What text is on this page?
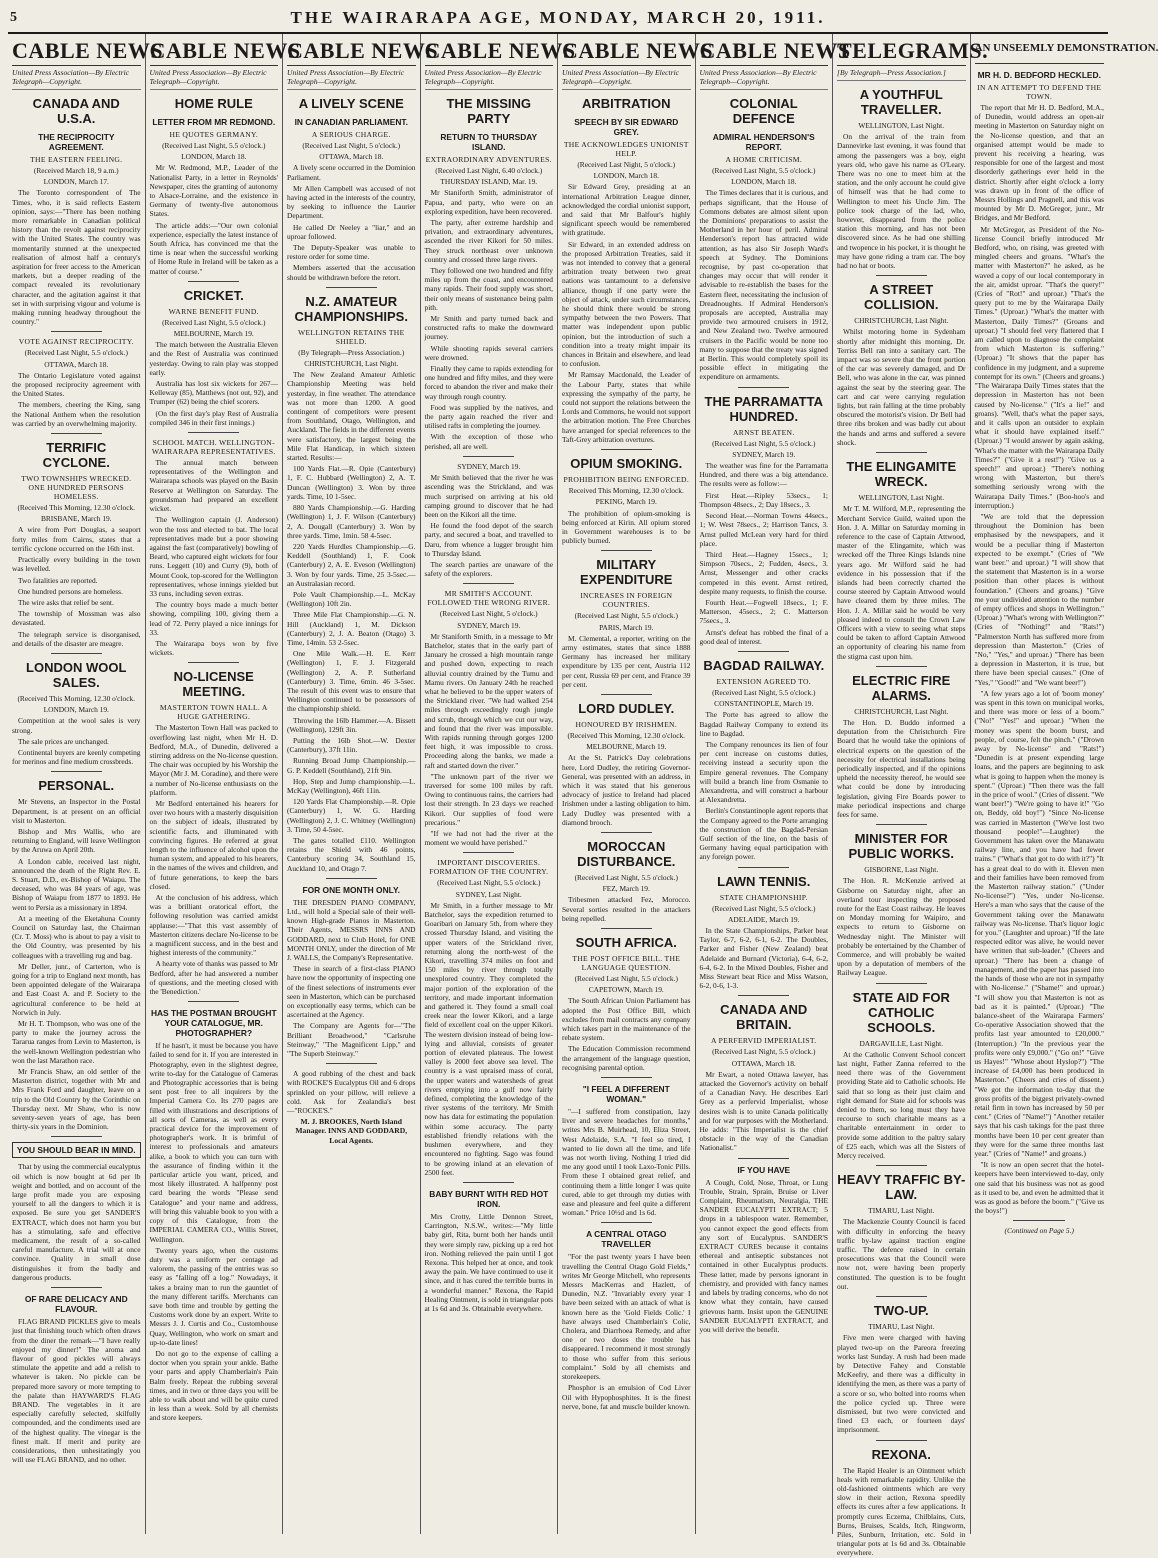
5	THE WAIRARAPA AGE, MONDAY, MARCH 20, 1911.
CABLE NEWS
United Press Association—By Electric Telegraph—Copyright.
CANADA AND U.S.A.
THE RECIPROCITY AGREEMENT.
THE EASTERN FEELING.

(Received March 18, 9 a.m.)

LONDON, March 17.

The Toronto correspondent of The Times, who, it is said reflects Eastern opinion, says:—"There has been nothing more remarkable in Canadian political history than the revolt against reciprocity with the United States. The country was momentarily stunned at the unexpected realisation of almost half a century's aspiration for freer access to the American markets, but a deeper reading of the compact revealed its revolutionary character, and the agitation against it that set in with surprising vigour and volume is making running headway throughout the country."

VOTE AGAINST RECIPROCITY.

(Received Last Night, 5.5 o'clock.)

OTTAWA, March 18.

The Ontario Legislature voted against the proposed reciprocity agreement with the United States.

The members, cheering the King, sang the National Anthem when the resolution was carried by an overwhelming majority.

TERRIFIC CYCLONE.
TWO TOWNSHIPS WRECKED. ONE HUNDRED PERSONS HOMELESS.

(Received This Morning, 12.30 o'clock.

BRISBANE, March 19.

A wire from Port Douglas, a seaport forty miles from Cairns, states that a terrific cyclone occurred on the 16th inst.

Practically every building in the town was levelled.

Two fatalities are reported.

One hundred persons are homeless.

The wire asks that relief be sent.

The township of Mossman was also devastated.

The telegraph service is disorganised, and details of the disaster are meagre.

LONDON WOOL SALES.

(Received This Morning, 12.30 o'clock.

LONDON, March 19.

Competition at the wool sales is very strong.

The sale prices are unchanged.

Continental buyers are keenly competing for merinos and fine medium crossbreds.

PERSONAL.

Mr Stevens, an Inspector in the Postal Department, is at present on an official visit to Masterton.

Bishop and Mrs Wallis, who are returning to England, will leave Wellington by the Aruwa on April 20th.

A London cable, received last night, announced the death of the Right Rev. E. S. Stuart, D.D., ex-Bishop of Waiapu. The deceased, who was 84 years of age, was Bishop of Waiapu from 1877 to 1893. He went to Persia as a missionary in 1894.

At a meeting of the Eketahuna County Council on Saturday last, the Chairman (Cr. T. Moss) who is about to pay a visit to the Old Country, was presented by his colleagues with a travelling rug and bag.

Mr Deller, junr., of Carterton, who is going for a trip to England next month, has been appointed delegate of the Wairarapa and East Coast A. and P. Society to the agricultural conference to be held at Norwich in July.

Mr H. T. Thompson, who was one of the party to make the journey across the Tararua ranges from Levin to Masterton, is the well-known Wellington pedestrian who won the last Marathon race.

Mr Francis Shaw, an old settler of the Masterton district, together with Mr and Mrs Frank Ford and daughter, leave on a trip to the Old Country by the Corinthic on Thursday next. Mr Shaw, who is now seventy-seven years of age, has been thirty-six years in the Dominion.

YOU SHOULD BEAR IN MIND.

That by using the commercial eucalyptus oil which is now bought at 6d per lb weight and bottled, and on account of the large profit made you are exposing yourself to all the dangers to which it is exposed. Be sure you get SANDER'S EXTRACT, which does not harm you but has a stimulating, safe and effective medicament, the result of a so-called careful manufacture. A trial will at once convince. Quality in small dose distinguishes it from the badly and dangerous products.

OF RARE DELICACY AND FLAVOUR.

FLAG BRAND PICKLES give to meals just that finishing touch which often draws from the diner the remark—"I have really enjoyed my dinner!" The aroma and flavour of good pickles will always stimulate the appetite and add a relish to whatever is taken. No pickle can be prepared more savory or more tempting to the palate than HAYWARD'S FLAG BRAND. The vegetables in it are especially carefully selected, skilfully compounded, and the condiments used are of the highest quality. The vinegar is the finest malt. If merit and purity are considerations, then unhesitatingly you will use FLAG BRAND, and no other.

CABLE NEWS
United Press Association—By Electric Telegraph—Copyright.
HOME RULE
LETTER FROM MR REDMOND.
HE QUOTES GERMANY.

(Received Last Night, 5.5 o'clock.)

LONDON, March 18.

Mr W. Redmond, M.P., Leader of the Nationalist Party, in a letter in Reynolds' Newspaper, cites the granting of autonomy to Alsace-Lorraine, and the existence in Germany of twenty-five autonomous States.

The article adds:—"Our own colonial experience, especially the latest instance of South Africa, has convinced me that the time is near when the successful working of Home Rule in Ireland will be taken as a matter of course."

CRICKET.
WARNE BENEFIT FUND.

(Received Last Night, 5.5 o'clock.)

MELBOURNE, March 19.

The match between the Australia Eleven and the Rest of Australia was continued yesterday. Owing to rain play was stopped early.

Australia has lost six wickets for 267—Kelleway (85), Matthews (not out, 92), and Trumper (62) being the chief scorers.

(On the first day's play Rest of Australia compiled 346 in their first innings.)

SCHOOL MATCH. WELLINGTON-WAIRARAPA REPRESENTATIVES.

The annual match between representatives of the Wellington and Wairarapa schools was played on the Basin Reserve at Wellington on Saturday. The groundsman had prepared an excellent wicket.

The Wellington captain (J. Anderson) won the toss and elected to bat. The local representatives made but a poor showing against the fast (comparatively) bowling of Beard, who captured eight wickets for four runs. Leggett (10) and Curry (9), both of Mount Cook, top-scored for the Wellington representatives, whose innings yielded but 33 runs, including seven extras.

The country boys made a much better showing, compiling 100, giving them a lead of 72. Perry played a nice innings for 33.

The Wairarapa boys won by five wickets.

NO-LICENSE MEETING.
MASTERTON TOWN HALL. A HUGE GATHERING.

The Masterton Town Hall was packed to overflowing last night, when Mr H. D. Bedford, M.A., of Dunedin, delivered a stirring address on the No-license question. The chair was occupied by his Worship the Mayor (Mr J. M. Coradine), and there were a number of No-license enthusiasts on the platform.

Mr Bedford entertained his hearers for over two hours with a masterly disquisition on the subject of ideals, illustrated by scientific facts, and illuminated with convincing figures. He referred at great length to the influence of alcohol upon the human system, and appealed to his hearers, in the names of the wives and children, and of future generations, to keep the bars closed.

At the conclusion of his address, which was a brilliant oratorical effort, the following resolution was carried amidst applause:—"That this vast assembly of Masterton citizens declare No-license to be a magnificent success, and in the best and highest interests of the community."

A hearty vote of thanks was passed to Mr Bedford, after he had answered a number of questions, and the meeting closed with the 'Benediction.'

HAS THE POSTMAN BROUGHT YOUR CATALOGUE, MR. PHOTOGRAPHER?

If he hasn't, it must be because you have failed to send for it. If you are interested in Photography, even in the slightest degree, write to-day for the Catalogue of Cameras and Photographic accessories that is being sent post free to all inquirers by the Imperial Camera Co. Its 270 pages are filled with illustrations and descriptions of all sorts of Cameras, as well as every practical device for the improvement of photographer's work. It is brimful of interest to professionals and amateurs alike, a book to which you can turn with the assurance of finding within it the particular article you want, priced, and most likely illustrated. A halfpenny post card bearing the words "Please send Catalogue" and your name and address, will bring this valuable book to you with a copy of this Catalogue, from the IMPERIAL CAMERA CO., Willis Street, Wellington.

Twenty years ago, when the customs duty was a uniform per centage ad valorem, the passing of the entries was so easy as "falling off a log." Nowadays, it takes a brainy man to run the gauntlet of the many different tariffs. Merchants can save both time and trouble by getting the Customs work done by an expert. Write to Messrs J. J. Curtis and Co., Customhouse Quay, Wellington, who work on smart and up-to-date lines!

Do not go to the expense of calling a doctor when you sprain your ankle. Bathe your parts and apply Chamberlain's Pain Balm freely. Repeat the rubbing several times, and in two or three days you will be able to walk about and will be quite cured in less than a week. Sold by all chemists and store keepers.

CABLE NEWS
United Press Association—By Electric Telegraph—Copyright.
A LIVELY SCENE
IN CANADIAN PARLIAMENT.
A SERIOUS CHARGE.

(Received Last Night, 5 o'clock.)

OTTAWA, March 18.

A lively scene occurred in the Dominion Parliament.

Mr Allen Campbell was accused of not having acted in the interests of the country, by seeking to influence the Laurier Department.

He called Dr Neeley a "liar," and an uproar followed.

The Deputy-Speaker was unable to restore order for some time.

Members asserted that the accusation should be withdrawn before the retort.

N.Z. AMATEUR CHAMPIONSHIPS.
WELLINGTON RETAINS THE SHIELD.

(By Telegraph—Press Association.)

CHRISTCHURCH, Last Night.

The New Zealand Amateur Athletic Championship Meeting was held yesterday, in fine weather. The attendance was not more than 1200. A good contingent of competitors were present from Southland, Otago, Wellington, and Auckland. The fields in the different events were satisfactory, the largest being the Mile Flat Handicap, in which sixteen started. Results:—

100 Yards Flat.—R. Opie (Canterbury) 1, F. C. Hubbard (Wellington) 2, A. T. Duncan (Wellington) 3. Won by three yards. Time, 10 1-5sec.

880 Yards Championship.—G. Harding (Wellington) 1, J. F. Wilson (Canterbury) 2, A. Dougall (Canterbury) 3. Won by three yards. Time, 1min. 58 4-5sec.

220 Yards Hurdles Championship.—G. Keddell (Southland) 1, F. Cook (Canterbury) 2, A. E. Eveson (Wellington) 3. Won by four yards. Time, 25 3-5sec.—an Australasian record.

Pole Vault Championship.—L. McKay (Wellington) 10ft 2in.

Three Mile Flat Championship.—G. N. Hill (Auckland) 1, M. Dickson (Canterbury) 2, J. A. Beaton (Otago) 3. Time, 14min. 53 2-5sec.

One Mile Walk.—H. E. Kerr (Wellington) 1, F. J. Fitzgerald (Wellington) 2, A. P. Sutherland (Canterbury) 3. Time, 6min. 46 3-5sec. The result of this event was to ensure that Wellington continued to be possessors of the championship shield.

Throwing the 16lb Hammer.—A. Bissett (Wellington), 129ft 3in.

Putting the 16lb Shot.—W. Dexter (Canterbury), 37ft 11in.

Running Broad Jump Championship.—G. P. Keddell (Southland), 21ft 9in.

Hop, Step and Jump championship.—L. McKay (Wellington), 46ft 11in.

120 Yards Flat Championship.—R. Opie (Canterbury) 1, W. G. Harding (Wellington) 2, J. C. Whitney (Wellington) 3. Time, 50 4-5sec.

The gates totalled £110. Wellington retains the Shield with 46 points, Canterbury scoring 34, Southland 15, Auckland 10, and Otago 7.

FOR ONE MONTH ONLY.

THE DRESDEN PIANO COMPANY, Ltd., will hold a Special sale of their well-known High-grade Pianos in Masterton. Their Agents, MESSRS INNS AND GODDARD, next to Club Hotel, for ONE MONTH ONLY, under the direction of Mr J. WALLS, the Company's Representative.

These in search of a first-class PIANO have now the opportunity of inspecting one of the finest selections of instruments ever seen in Masterton, which can be purchased on exceptionally easy terms, which can be ascertained at the Agency.

The Company are Agents for—"The Brilliant Broadwood," "Carlsruhe Steinway," "The Magnificent Lipp," and "The Superb Steinway."

A good rubbing of the chest and back with ROCKE'S Eucalyptus Oil and 6 drops sprinkled on your pillow, will relieve a cold. Ask for Zealandia's best—"ROCKE'S."

M. J. BROOKES, North Island Manager. INNS AND GODDARD, Local Agents.

CABLE NEWS
United Press Association—By Electric Telegraph—Copyright.
THE MISSING PARTY
RETURN TO THURSDAY ISLAND.
EXTRAORDINARY ADVENTURES.

(Received Last Night, 6.40 o'clock.)

THURSDAY ISLAND, Mar. 19.

Mr Staniforth Smith, administrator of Papua, and party, who were on an exploring expedition, have been recovered.

The party, after extreme hardship and privation, and extraordinary adventures, ascended the river Kikori for 50 miles. They struck northeast over unknown country and crossed three large rivers.

They followed one two hundred and fifty miles up from the coast, and encountered many rapids. Their food supply was short, their only means of sustenance being palm pith.

Mr Smith and party turned back and constructed rafts to make the downward journey.

While shooting rapids several carriers were drowned.

Finally they came to rapids extending for one hundred and fifty miles, and they were forced to abandon the river and make their way through rough country.

Food was supplied by the natives, and the party again reached the river and utilised rafts in completing the journey.

With the exception of those who perished, all are well.

SYDNEY, March 19.

Mr Smith believed that the river he was ascending was the Strickland, and was much surprised on arriving at his old camping ground to discover that he had been on the Kikori all the time.

He found the food depot of the search party, and secured a boat, and travelled to Daru, from whence a lugger brought him to Thursday Island.

The search parties are unaware of the safety of the explorers.

MR SMITH'S ACCOUNT. FOLLOWED THE WRONG RIVER.

(Received Last Night, 5 o'clock.)

SYDNEY, March 19.

Mr Staniforth Smith, in a message to Mr Batchelor, states that in the early part of January he crossed a high mountain range and pushed down, expecting to reach alluvial country drained by the Tumu and Mamu rivers. On January 24th he reached what he believed to be the upper waters of the Strickland river. "We had walked 254 miles through exceedingly rough jungle and scrub, through which we cut our way, and found that the river was impossible. With rapids running through gorges 1200 feet high, it was impossible to cross. Proceeding along the banks, we made a raft and started down the river."

"The unknown part of the river we traversed for some 100 miles by raft. Owing to continuous rains, the carriers had lost their strength. In 23 days we reached Kikori. Our supplies of food were precarious."

"If we had not had the river at the moment we would have perished."

IMPORTANT DISCOVERIES. FORMATION OF THE COUNTRY.

(Received Last Night, 5.5 o'clock.)

SYDNEY, Last Night.

Mr Smith, in a further message to Mr Batchelor, says the expedition returned to Goaribari on January 5th, from where they crossed Thursday Island, and visiting the upper waters of the Strickland river, returning along the north-west of the Kikori, travelling 374 miles on foot and 150 miles by river through totally unexplored country. They completed the major portion of the exploration of the territory, and made important information and gathered it. They found a small coal creek near the lower Kikori, and a large field of excellent coal on the upper Kikori. The western division instead of being low-lying and alluvial, consists of greater portion of elevated plateaus. The lowest valley is 2000 feet above sea level. The country is a vast upraised mass of coral, the upper waters and watersheds of great rivers emptying into a gulf now fairly defined, completing the knowledge of the river systems of the territory. Mr Smith now has data for estimating the population within some accuracy. The party established friendly relations with the bushmen everywhere, and they encountered no fighting. Sago was found to be growing inland at an elevation of 2500 feet.

BABY BURNT WITH RED HOT IRON.

Mrs Crotty, Little Dennon Street, Carrington, N.S.W., writes:—"My little baby girl, Rita, burnt both her hands until they were simply raw, picking up a red hot iron. Nothing relieved the pain until I got Rexona. This helped her at once, and took away the pain. We have continued to use it since, and it has cured the terrible burns in a wonderful manner." Rexona, the Rapid Healing Ointment, is sold in triangular pots at 1s 6d and 3s. Obtainable everywhere.

CABLE NEWS
United Press Association—By Electric Telegraph—Copyright.
ARBITRATION
SPEECH BY SIR EDWARD GREY.
THE ACKNOWLEDGES UNIONIST HELP.

(Received Last Night, 5 o'clock.)

LONDON, March 18.

Sir Edward Grey, presiding at an international Arbitration League dinner, acknowledged the cordial unionist support, and said that Mr Balfour's highly significant speech would be remembered with gratitude.

Sir Edward, in an extended address on the proposed Arbitration Treaties, said it was not intended to convey that a general arbitration treaty between two great nations was tantamount to a defensive alliance, though if one party were the object of attack, under such circumstances, he should think there would be strong sympathy between the two Powers. That matter was independent upon public opinion, but the introduction of such a condition into a treaty might impair its chances in Britain and elsewhere, and lead to confusion.

Mr Ramsay Macdonald, the Leader of the Labour Party, states that while expressing the sympathy of the party, he could not support the relations between the Lords and Commons, he would not support the arbitration motion. The Free Churches have arranged for special references to the Taft-Grey arbitration overtures.

OPIUM SMOKING.
PROHIBITION BEING ENFORCED.

Received This Morning, 12.30 o'clock.

PEKING, March 19.

The prohibition of opium-smoking is being enforced at Kirin. All opium stored in Government warehouses is to be publicly burned.

MILITARY EXPENDITURE
INCREASES IN FOREIGN COUNTRIES.

(Received Last Night, 5.5 o'clock.)

PARIS, March 19.

M. Clemental, a reporter, writing on the army estimates, states that since 1888 Germany has increased her military expenditure by 135 per cent, Austria 112 per cent, Russia 69 per cent, and France 39 per cent.

LORD DUDLEY.
HONOURED BY IRISHMEN.

(Received This Morning, 12.30 o'clock.

MELBOURNE, March 19.

At the St. Patrick's Day celebrations here, Lord Dudley, the retiring Governor-General, was presented with an address, in which it was stated that his generous advocacy of justice to Ireland had placed Irishmen under a lasting obligation to him. Lady Dudley was presented with a diamond brooch.

MOROCCAN DISTURBANCE.

(Received Last Night, 5.5 o'clock.)

FEZ, March 19.

Tribesmen attacked Fez, Morocco. Several sorties resulted in the attackers being repelled.

SOUTH AFRICA.
THE POST OFFICE BILL. THE LANGUAGE QUESTION.

(Received Last Night, 5.5 o'clock.)

CAPETOWN, March 19.

The South African Union Parliament has adopted the Post Office Bill, which excludes from mail contracts any company which takes part in the maintenance of the rebate system.

The Education Commission recommend the arrangement of the language question, recognising parental option.

"I FEEL A DIFFERENT WOMAN."

"—I suffered from constipation, lazy liver and severe headaches for months," writes Mrs B. Muirhead, 10, Eliza Street, West Adelaide, S.A. "I feel so tired, I wanted to lie down all the time, and life was not worth living. Nothing I tried did me any good until I took Laxo-Tonic Pills. From these I obtained great relief, and continuing them a little longer I was quite cured, able to get through my duties with ease and pleasure and feel quite a different woman." Price 10½d and 1s 6d.

A CENTRAL OTAGO TRAVELLER

"For the past twenty years I have been travelling the Central Otago Gold Fields," writes Mr George Mitchell, who represents Messrs MacKerras and Hazlett, of Dunedin, N.Z. "Invariably every year I have been seized with an attack of what is known here as the 'Gold Fields Colic.' I have always used Chamberlain's Colic, Cholera, and Diarrhoea Remedy, and after one or two doses the trouble has disappeared. I recommend it most strongly to those who suffer from this serious complaint." Sold by all chemists and storekeepers.

Phosphor is an emulsion of Cod Liver Oil with Hypophosphites. It is the finest nerve, bone, fat and muscle builder known.

CABLE NEWS
United Press Association—By Electric Telegraph—Copyright.
COLONIAL DEFENCE
ADMIRAL HENDERSON'S REPORT.
A HOME CRITICISM.

(Received Last Night, 5.5 o'clock.)

LONDON, March 18.

The Times declares that it is curious, and perhaps significant, that the House of Commons debates are almost silent upon the Dominions' preparations to assist the Motherland in her hour of peril. Admiral Henderson's report has attracted wide attention, as has also Sir Joseph Ward's speech at Sydney. The Dominions recognise, by past co-operation that changes may occur that will render it advisable to re-establish the bases for the Eastern fleet, necessitating the inclusion of Dreadnoughts. If Admiral Henderson's proposals are accepted, Australia may provide two armoured cruisers in 1912, and New Zealand two. Twelve armoured cruisers in the Pacific would be none too many to suppose that the treaty was signed at Berlin. This would completely spoil its possible effect in mitigating the expenditure on armaments.

THE PARRAMATTA HUNDRED.
ARNST BEATEN.

(Received Last Night, 5.5 o'clock.)

SYDNEY, March 19.

The weather was fine for the Parramatta Hundred, and there was a big attendance. The results were as follow:—

First Heat.—Ripley 53secs., 1; Thompson 48secs., 2; Day 18secs., 3.

Second Heat.—Norman Towns 44secs., 1; W. West 78secs., 2; Harrison Tancs, 3. Arnst pulled McLean very hard for third place.

Third Heat.—Hagney 15secs., 1; Simpson 70secs., 2; Fudden, 4secs., 3. Arnst, Messenger and other cracks competed in this event. Arnst retired, despite many requests, to finish the course.

Fourth Heat.—Fogwell 18secs., 1; F. Matterson, 45secs., 2; C. Matterson 75secs., 3.

Arnst's defeat has robbed the final of a good deal of interest.

BAGDAD RAILWAY.
EXTENSION AGREED TO.

(Received Last Night, 5.5 o'clock.)

CONSTANTINOPLE, March 19.

The Porte has agreed to allow the Bagdad Railway Company to extend its line to Bagdad.

The Company renounces its lien of four per cent increase on customs duties, receiving instead a security upon the Empire general revenues. The Company will build a branch line from Osmanie to Alexandretta, and will construct a harbour at Alexandretta.

Berlin's Constantinople agent reports that the Company agreed to the Porte arranging the construction of the Bagdad-Persian Gulf section of the line, on the basis of Germany having equal participation with any foreign power.

LAWN TENNIS.
STATE CHAMPIONSHIP.

(Received Last Night, 5.5 o'clock.)

ADELAIDE, March 19.

In the State Championships, Parker beat Taylor, 6-7, 6-2, 6-1, 6-2. The Doubles, Parker and Fisher (New Zealand) beat Adelaide and Burnard (Victoria), 6-4, 6-2, 6-4, 6-2. In the Mixed Doubles, Fisher and Miss Stewart beat Rice and Miss Watson, 6-2, 0-6, 1-3.

CANADA AND BRITAIN.
A PERFERVID IMPERIALIST.

(Received Last Night, 5.5 o'clock.)

OTTAWA, March 18.

Mr Ewart, a noted Ottawa lawyer, has attacked the Governor's activity on behalf of a Canadian Navy. He describes Earl Grey as a perfervid Imperialist, whose desires wish is to unite Canada politically and for war purposes with the Motherland. He adds: "This Imperialist is the chief obstacle in the way of the Canadian Nationalist."

IF YOU HAVE

A Cough, Cold, Nose, Throat, or Lung Trouble, Strain, Sprain, Bruise or Liver Complaint, Rheumatism, Neuralgia, THE SANDER EUCALYPTI EXTRACT; 5 drops in a tablespoon water. Remember, you cannot expect the good effects from any sort of Eucalyptus. SANDER'S EXTRACT CURES because it contains ethereal and antiseptic substances not contained in other Eucalyptus products. These latter, made by persons ignorant in chemistry, and provided with fancy names and labels by trading concerns, who do not know what they contain, have caused grievous harm. Insist upon the GENUINE SANDER EUCALYPTI EXTRACT, and you will derive the benefit.

TELEGRAMS.
[By Telegraph—Press Association.]
A YOUTHFUL TRAVELLER.

WELLINGTON, Last Night.

On the arrival of the train from Dannevirke last evening, it was found that among the passengers was a boy, eight years old, who gave his name as O'Leary. There was no one to meet him at the station, and the only account he could give of himself was that he had come to Wellington to meet his Uncle Jim. The police took charge of the lad, who, however, disappeared from the police station this morning, and has not been discovered since. As he had one shilling and twopence in his pocket, it is thought he may have gone riding a tram car. The boy had no hat or boots.

A STREET COLLISION.

CHRISTCHURCH, Last Night.

Whilst motoring home in Sydenham shortly after midnight this morning, Dr. Terriss Bell ran into a sanitary cart. The impact was so severe that the front portion of the car was severely damaged, and Dr Bell, who was alone in the car, was pinned against the seat by the steering gear. The cart and car were carrying regulation lights, but rain falling at the time probably obscured the motorist's vision. Dr Bell had three ribs broken and was badly cut about the hands and arms and suffered a severe shock.

THE ELINGAMITE WRECK.

WELLINGTON, Last Night.

Mr T. M. Wilford, M.P., representing the Merchant Service Guild, waited upon the Hon. J. A. Millar on Saturday morning in reference to the case of Captain Attwood, master of the Elingamite, which was wrecked off the Three Kings Islands nine years ago. Mr Wilford said he had evidence in his possession that if the islands had been correctly charted the course steered by Captain Attwood would have cleared them by three miles. The Hon. J. A. Millar said he would be very pleased indeed to consult the Crown Law Officers with a view to seeing what steps could be taken to afford Captain Attwood an opportunity of clearing his name from the stigma cast upon him.

ELECTRIC FIRE ALARMS.

CHRISTCHURCH, Last Night.

The Hon. D. Buddo informed a deputation from the Christchurch Fire Board that he would take the opinions of electrical experts on the question of the necessity for electrical installations being periodically inspected, and if the opinions upheld the necessity thereof, he would see what could be done by introducing legislation, giving Fire Boards power to make periodical inspections and charge fees for same.

MINISTER FOR PUBLIC WORKS.

GISBORNE, Last Night.

The Hon. R. McKenzie arrived at Gisborne on Saturday night, after an overland tour inspecting the proposed route for the East Coast railway. He leaves on Monday morning for Waipiro, and expects to return to Gisborne on Wednesday night. The Minister will probably be entertained by the Chamber of Commerce, and will probably be waited upon by a deputation of members of the Railway League.

STATE AID FOR CATHOLIC SCHOOLS.

DARGAVILLE, Last Night.

At the Catholic Convent School concert last night, Father Zanna referred to the need there was of the Government providing State aid to Catholic schools. He said that so long as their just claim and right demand for State aid for schools was denied to them, so long must they have recourse to such charitable means as a charitable entertainment in order to provide some addition to the paltry salary of £25 each, which was all the Sisters of Mercy received.

HEAVY TRAFFIC BY-LAW.

TIMARU, Last Night.

The Mackenzie County Council is faced with difficulty in enforcing the heavy traffic by-law against traction engine traffic. The defence raised in certain prosecutions was that the Council were now not, were having been properly constituted. The question is to be fought out.

TWO-UP.

TIMARU, Last Night.

Five men were charged with having played two-up on the Pareora freezing works last Sunday. A rush had been made by Detective Fahey and Constable McKeefry, and there was a difficulty in identifying the men, as there was a party of a score or so, who bolted into rooms when the police cycled up. Three were dismissed, but two were convicted and fined £3 each, or fourteen days' imprisonment.

REXONA.

The Rapid Healer is an Ointment which heals with remarkable rapidity. Unlike the old-fashioned ointments which are very slow in their action, Rexona speedily effects its cures after a few applications. It promptly cures Eczema, Chilblains, Cuts, Burns, Bruises, Scalds, Itch, Ringworm, Piles, Sunburn, Irritation, etc. Sold in triangular pots at 1s 6d and 3s. Obtainable everywhere.

AN UNSEEMLY DEMONSTRATION.
MR H. D. BEDFORD HECKLED.
IN AN ATTEMPT TO DEFEND THE TOWN.

The report that Mr H. D. Bedford, M.A., of Dunedin, would address an open-air meeting in Masterton on Saturday night on the No-license question, and that an organised attempt would be made to prevent his receiving a hearing, was responsible for one of the largest and most disorderly gatherings ever held in the district. Shortly after eight o'clock a lorry was drawn up in front of the office of Messrs Hollings and Pragnell, and this was mounted by Mr D. McGregor, junr., Mr Bridges, and Mr Bedford.

Mr McGregor, as President of the No-license Council briefly introduced Mr Bedford, who, on rising, was greeted with mingled cheers and groans. "What's the matter with Masterton?" he asked, as he waved a copy of our local contemporary in the air, amidst uproar. "That's the query!" (Cries of "Rot!" and uproar.) "That's the query put to me by the Wairarapa Daily Times." (Uproar.) "What's the matter with Masterton, Daily Times?" (Groans and uproar.) "I should feel very flattered that I am called upon to diagnose the complaint from which Masterton is suffering." (Uproar.) "It shows that the paper has confidence in my judgment, and a supreme contempt for its own." (Cheers and groans.) "The Wairarapa Daily Times states that the depression in Masterton has not been caused by No-license." ("It's a lie!" and groans). "Well, that's what the paper says, and it calls upon an outsider to explain what it should have explained itself." (Uproar.) "I would answer by again asking, 'What's the matter with the Wairarapa Daily Times?'" ("Give it a rest!") "Give us a speech!" and uproar.) "There's nothing wrong with Masterton, but there's something seriously wrong with the Wairarapa Daily Times." (Boo-hoo's and interruption.)

"We are told that the depression throughout the Dominion has been emphasised by the newspapers, and it would be a peculiar thing if Masterton expected to be exempt." (Cries of "We want beer." and uproar.) "I will show that the statement that Masterton is in a worse position than other places is without foundation." (Cheers and groans.) "Give me your undivided attention to the number of empty offices and shops in Wellington." (Uproar.) "What's wrong with Wellington?" (Cries of "Nothing!" and "Rats!") "Palmerston North has suffered more from depression than Masterton." (Cries of "No," "Yes," and uproar.) "There has been a depression in Masterton, it is true, but there have been special causes." (One of "Yes," "Good!" and "We want beer!")

"A few years ago a lot of 'boom money' was spent in this town on municipal works, and there was more or less of a boom." ("No!" "Yes!" and uproar.) "When the money was spent the boom burst, and people, of course, felt the pinch." ("Drown away by No-license" and "Rats!") "Dunedin is at present expending large loans, and the papers are beginning to ask what is going to happen when the money is spent." (Uproar.) "Then there was the fall in the price of wool." (Cries of dissent. "We want beer!") "We're going to have it!" "Go on, Beddy, old boy!") "Since No-license was carried in Masterton ("We've lost two thousand people!"—Laughter) the Government has taken over the Manawatu railway line, and you have had fewer trains." ("What's that got to do with it?") "It has a great deal to do with it. Eleven men and their families have been removed from the Masterton railway station." ("Under No-license?") "Yes, under No-license. Here's a man who says that the cause of the Government taking over the Manawatu railway was No-license. That's liquor logic for you." (Laughter and uproar.) "If the late respected editor was alive, he would never have written that sub-leader." (Cheers and uproar.) "There has been a change of management, and the paper has passed into the hands of those who are not in sympathy with No-license." ("Shame!" and uproar.) "I will show you that Masterton is not as bad as it is painted." (Uproar.) "The balance-sheet of the Wairarapa Farmers' Co-operative Association showed that the profits last year amounted to £20,000." (Interruption.) "In the previous year the profits were only £9,000." ("Go on!" "Give us Hayes!" "Whose about Hyslop?") "The increase of £4,000 has been produced in Masterton." (Cheers and cries of dissent.) "We got the information to-day that the gross profits of the biggest privately-owned retail firm in town has increased by 50 per cent." (Cries of "Name!") "Another retailer says that his cash takings for the past three months have been 10 per cent greater than they were for the same three months last year." (Cries of "Name!" and groans.)

"It is now an open secret that the hotel-keepers have been interviewed to-day, only one said that his business was not as good as it used to be, and even he admitted that it was as good as before the boom." ("Give us the boys!")

(Continued on Page 5.)
